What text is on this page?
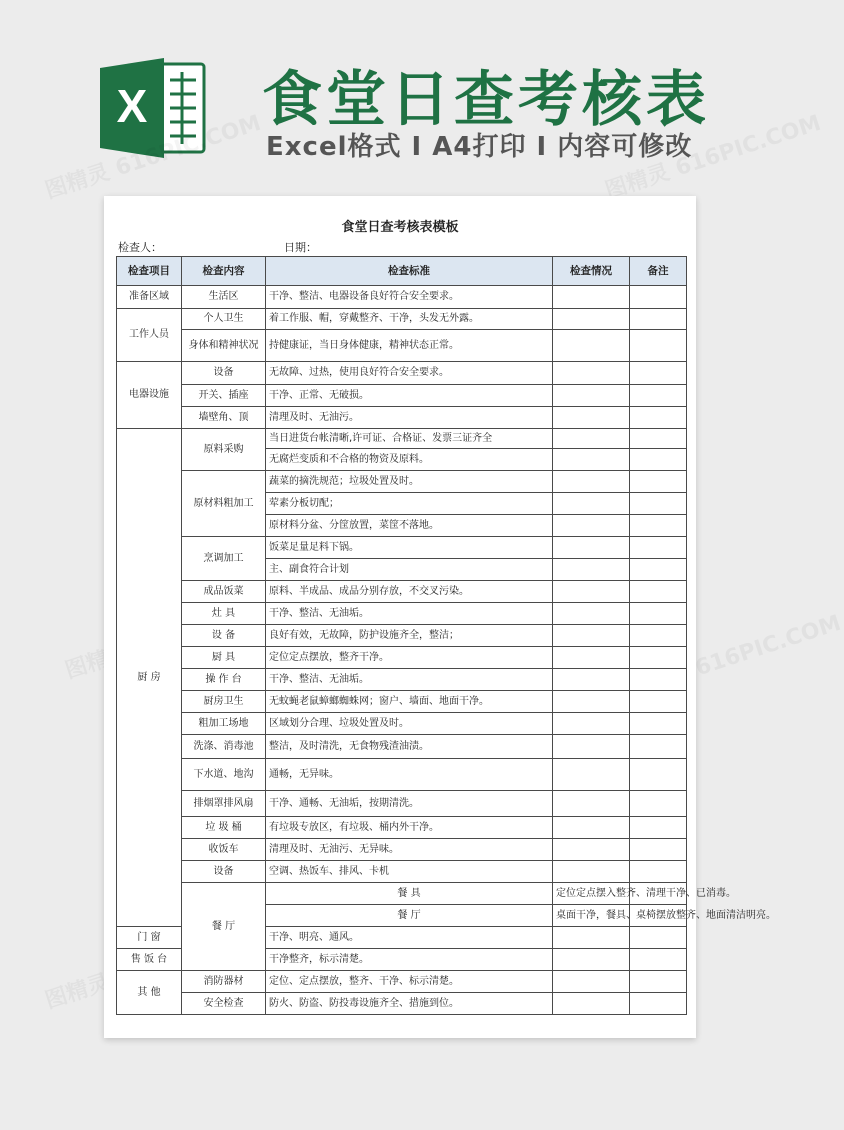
X 食堂日查考核表
Excel格式 I A4打印 I 内容可修改
食堂日查考核表模板
检查人：	日期：
检查项目	检查内容	检查标准	检查情况	备注	
准备区域	生活区	干净、整洁、电器设备良好符合安全要求。			
工作人员	个人卫生	着工作服、帽，穿戴整齐、干净，头发无外露。			
	身体和精神状况	持健康证，当日身体健康，精神状态正常。			
电器设施	设备	无故障、过热，使用良好符合安全要求。			
	开关、插座	干净、正常、无破损。			
	墙壁角、顶	清理及时、无油污。			
厨 房	原料采购	当日进货台帐清晰,许可证、合格证、发票三证齐全			
		无腐烂变质和不合格的物资及原料。			
	原材料粗加工	蔬菜的摘洗规范；垃圾处置及时。			
		荤素分板切配；			
		原材料分盆、分筐放置，菜筐不落地。			
	烹调加工	饭菜足量足料下锅。			
		主、副食符合计划			
	成品饭菜	原料、半成品、成品分别存放，不交叉污染。			
	灶 具	干净、整洁、无油垢。			
	设 备	良好有效，无故障，防护设施齐全，整洁；			
	厨 具	定位定点摆放，整齐干净。			
	操 作 台	干净、整洁、无油垢。			
	厨房卫生	无蚊蝇老鼠蟑螂蜘蛛网；窗户、墙面、地面干净。			
	粗加工场地	区域划分合理、垃圾处置及时。			
	洗涤、消毒池	整洁，及时清洗，无食物残渣油渍。			
	下水道、地沟	通畅，无异味。			
	排烟罩排风扇	干净、通畅、无油垢，按期清洗。			
	垃 圾 桶	有垃圾专放区，有垃圾、桶内外干净。			
	收饭车	清理及时、无油污、无异味。			
	设备	空调、热饭车、排风、卡机			
	餐 厅	餐 具	定位定点摆入整齐、清理干净、已消毒。		
		餐 厅	桌面干净，餐具、桌椅摆放整齐、地面清洁明亮。		
门 窗		干净、明亮、通风。			
售 饭 台		干净整齐，标示清楚。			
其 他	消防器材	定位、定点摆放，整齐、干净、标示清楚。			
	安全检查	防火、防盗、防投毒设施齐全、措施到位。			
